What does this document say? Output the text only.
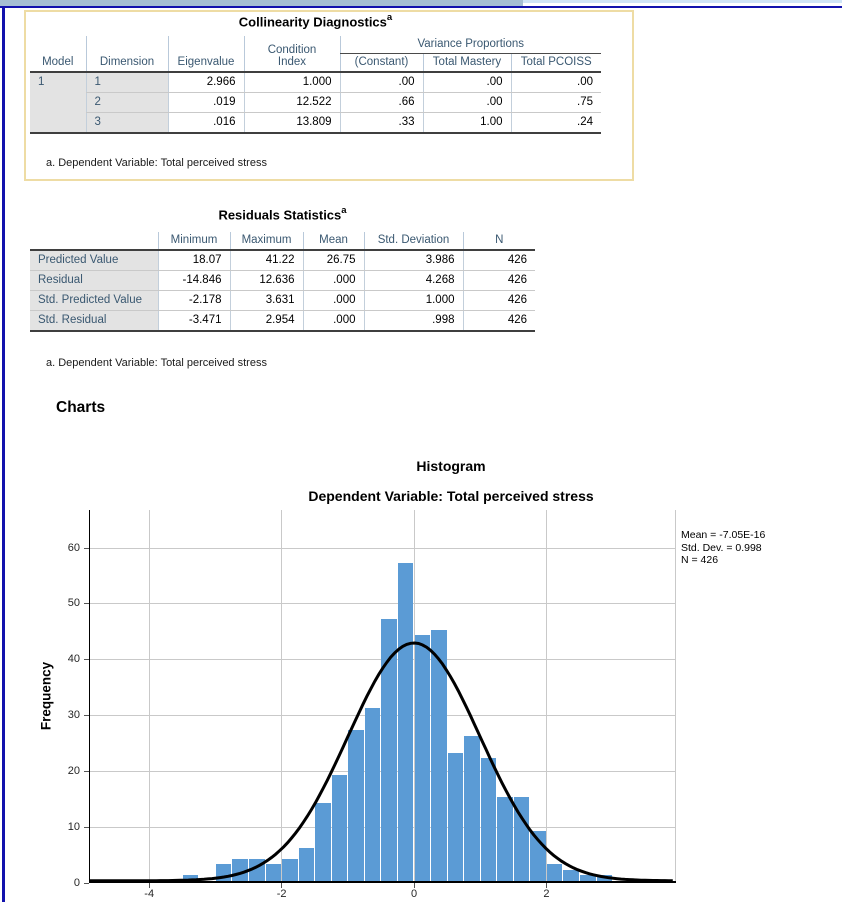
Collinearity Diagnostics$^a$
Model	Dimension	Eigenvalue	Condition Index	Variance Proportions		
				(Constant)	Total Mastery	Total PCOISS
1	1	2.966	1.000	.00	.00	.00
	2	.019	12.522	.66	.00	.75
	3	.016	13.809	.33	1.00	.24
a. Dependent Variable: Total perceived stress
Residuals Statistics$^a$
	Minimum	Maximum	Mean	Std. Deviation	N
Predicted Value	18.07	41.22	26.75	3.986	426
Residual	-14.846	12.636	.000	4.268	426
Std. Predicted Value	-2.178	3.631	.000	1.000	426
Std. Residual	-3.471	2.954	.000	.998	426
a. Dependent Variable: Total perceived stress
Charts
Histogram
Dependent Variable: Total perceived stress
Frequency
0
10
20
30
40
50
60
-4	-2	0	2
Mean = -7.05E-16
Std. Dev. = 0.998
N = 426
